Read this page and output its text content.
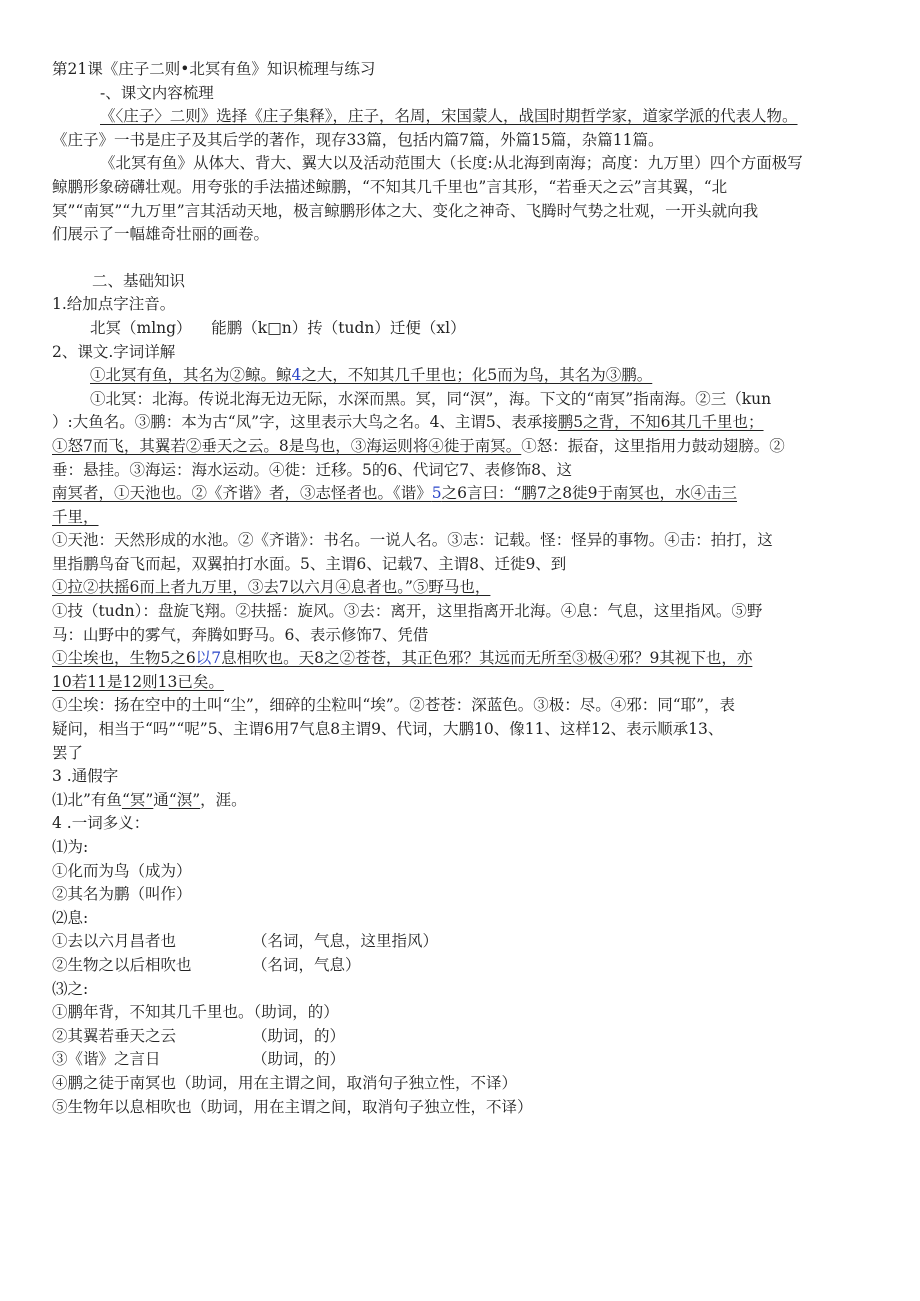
第21课《庄子二则•北冥有鱼》知识梳理与练习
-、课文内容梳理
《〈庄子〉二则》选择《庄子集释》，庄子，名周，宋国蒙人，战国时期哲学家，道家学派的代表人物。
《庄子》一书是庄子及其后学的著作，现存33篇，包括内篇7篇，外篇15篇，杂篇11篇。
《北冥有鱼》从体大、背大、翼大以及活动范围大（长度:从北海到南海；高度：九万里）四个方面极写
鲸鹏形象磅礴壮观。用夸张的手法描述鲸鹏，“不知其几千里也”言其形，“若垂天之云”言其翼，“北
冥”“南冥”“九万里”言其活动天地，极言鲸鹏形体之大、变化之神奇、飞腾时气势之壮观，一开头就向我
们展示了一幅雄奇壮丽的画卷。
二、基础知识
1.给加点字注音。
北冥（mlng）    能鹏（k□n）抟（tudn）迁便（xl）
2、课文.字词详解
①北冥有鱼，其名为②鲸。鲸4之大，不知其几千里也；化5而为鸟，其名为③鹏。
①北冥：北海。传说北海无边无际，水深而黑。冥，同“溟”，海。下文的“南冥”指南海。②三（kun
）:大鱼名。③鹏：本为古“凤”字，这里表示大鸟之名。4、主谓5、表承接鹏5之背，不知6其几千里也；
①怒7而飞，其翼若②垂天之云。8是鸟也，③海运则将④徙于南冥。①怒：振奋，这里指用力鼓动翅膀。②
垂：悬挂。③海运：海水运动。④徙：迁移。5的6、代词它7、表修饰8、这
南冥者，①天池也。②《齐谐》者，③志怪者也。《谐》5之6言曰：“鹏7之8徙9于南冥也，水④击三
千里，
①天池：天然形成的水池。②《齐谐》：书名。一说人名。③志：记载。怪：怪异的事物。④击：拍打，这
里指鹏鸟奋飞而起，双翼拍打水面。5、主谓6、记载7、主谓8、迁徙9、到
①拉②扶摇6而上者九万里，③去7以六月④息者也。”⑤野马也，
①技（tudn）：盘旋飞翔。②扶摇：旋风。③去：离开，这里指离开北海。④息：气息，这里指风。⑤野
马：山野中的雾气，奔腾如野马。6、表示修饰7、凭借
①尘埃也，生物5之6以7息相吹也。天8之②苍苍，其正色邪？其远而无所至③极④邪？9其视下也，亦
10若11是12则13已矣。
①尘埃：扬在空中的土叫“尘”，细碎的尘粒叫“埃”。②苍苍：深蓝色。③极：尽。④邪：同“耶”，表
疑问，相当于“吗”“呢”5、主谓6用7气息8主谓9、代词，大鹏10、像11、这样12、表示顺承13、
罢了
3 .通假字
⑴北”有鱼“冥”通“溟”，涯。
4 .一词多义：
⑴为:
①化而为鸟（成为）
②其名为鹏（叫作）
⑵息:
①去以六月昌者也	（名词，气息，这里指风）
②生物之以后相吹也	（名词，气息）
⑶之:
①鹏年背，不知其几千里也。（助词，的）
②其翼若垂天之云	（助词，的）
③《谐》之言日	（助词，的）
④鹏之徒于南冥也（助词，用在主谓之间，取消句子独立性，不译）
⑤生物年以息相吹也（助词，用在主谓之间，取消句子独立性，不译）
